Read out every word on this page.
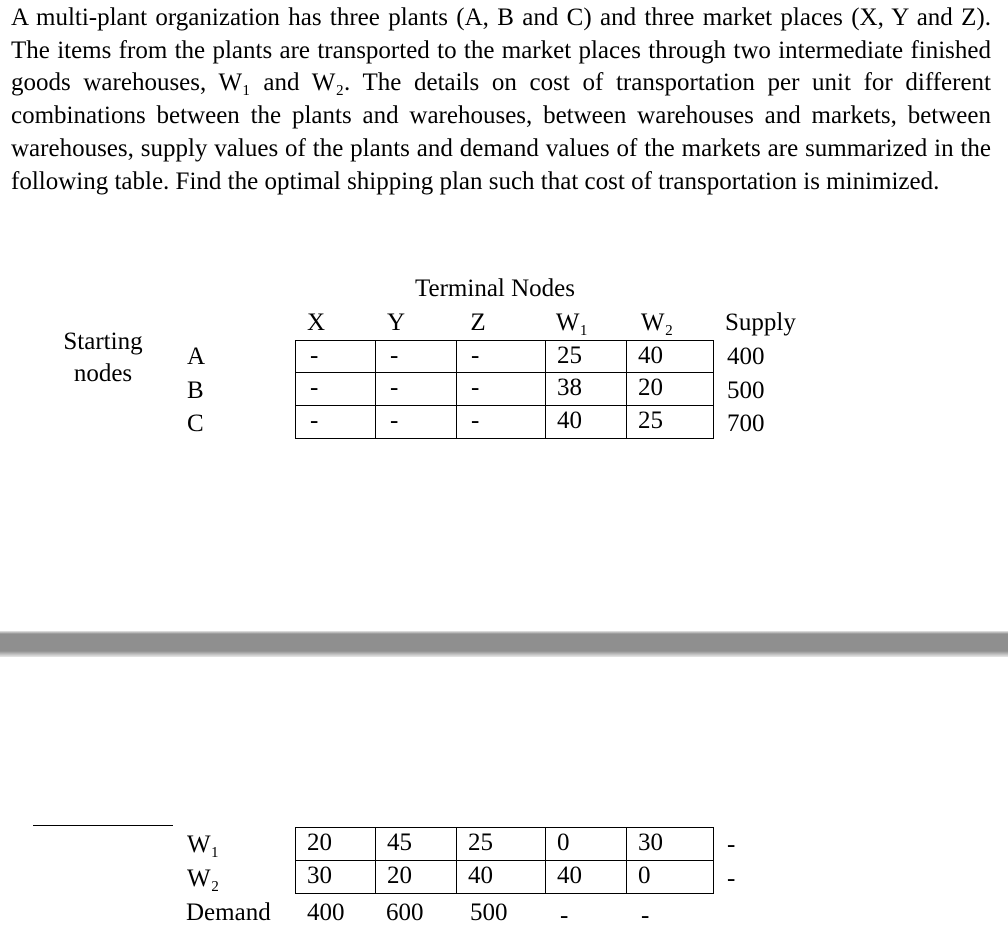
A multi-plant organization has three plants (A, B and C) and three market places (X, Y and Z). The items from the plants are transported to the market places through two intermediate finished goods warehouses, W₁ and W₂. The details on cost of transportation per unit for different combinations between the plants and warehouses, between warehouses and markets, between warehouses, supply values of the plants and demand values of the markets are summarized in the following table. Find the optimal shipping plan such that cost of transportation is minimized.

Terminal Nodes
X	Y	Z	W₁	W₂	Supply
Starting nodes
A	-	-	-	25	40	400
B	-	-	-	38	20	500
C	-	-	-	40	25	700
W₁	20	45	25	0	30	-
W₂	30	20	40	40	0	-
Demand 400 600 500 -	-
